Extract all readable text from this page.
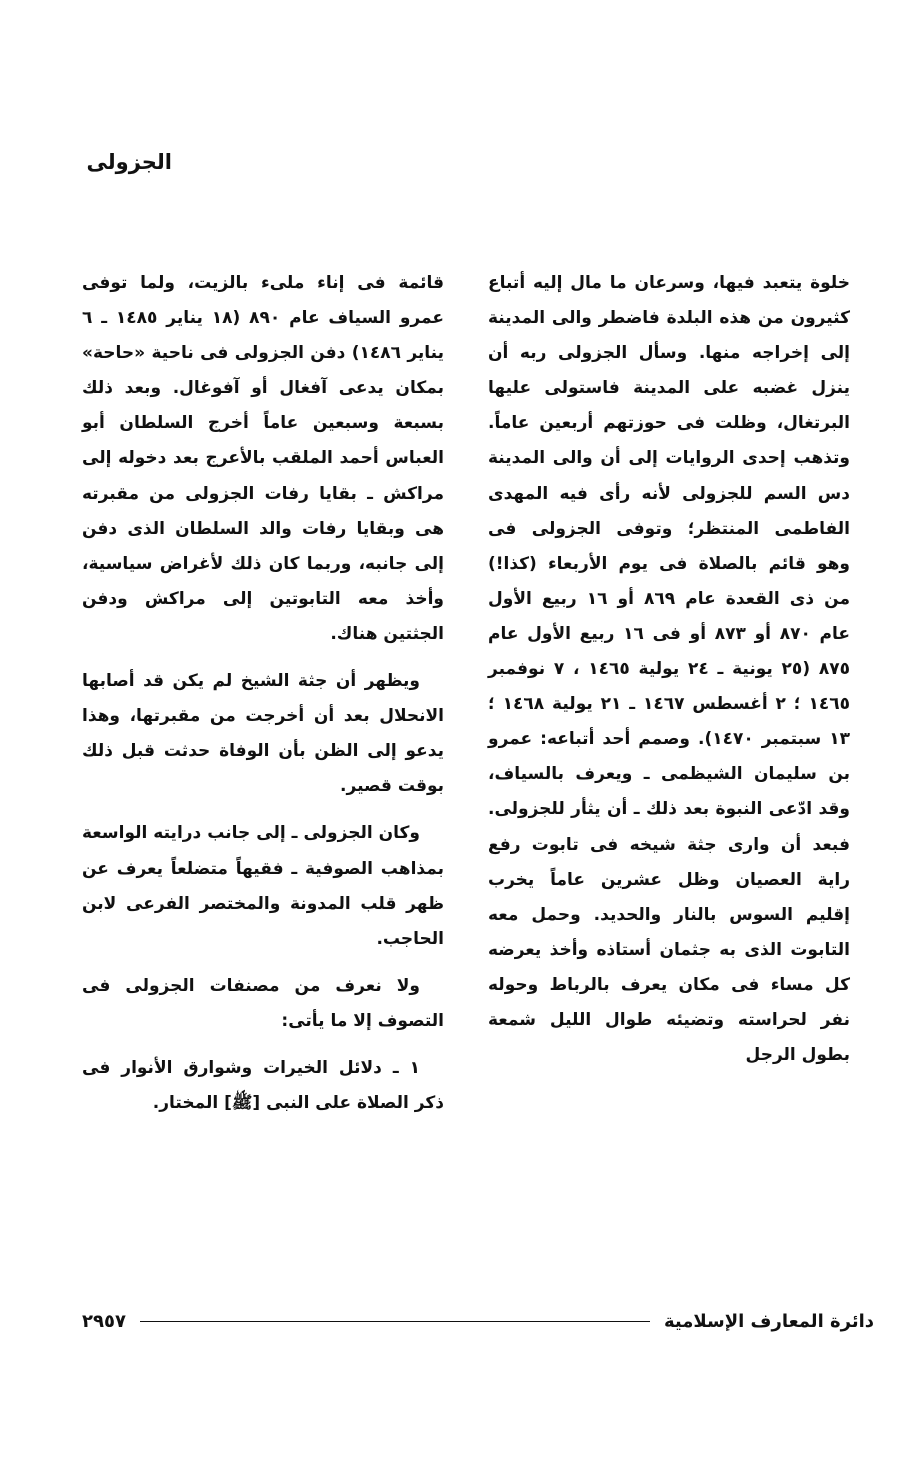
الجزولى

خلوة يتعبد فيها، وسرعان ما مال إليه أتباع كثيرون من هذه البلدة فاضطر والى المدينة إلى إخراجه منها. وسأل الجزولى ربه أن ينزل غضبه على المدينة فاستولى عليها البرتغال، وظلت فى حوزتهم أربعين عاماً. وتذهب إحدى الروايات إلى أن والى المدينة دس السم للجزولى لأنه رأى فيه المهدى الفاطمى المنتظر؛ وتوفى الجزولى فى وهو قائم بالصلاة فى يوم الأربعاء (كذا!) من ذى القعدة عام ٨٦٩ أو ١٦ ربيع الأول عام ٨٧٠ أو ٨٧٣ أو فى ١٦ ربيع الأول عام ٨٧٥ (٢٥ يونية ـ ٢٤ يولية ١٤٦٥ ، ٧ نوفمبر ١٤٦٥ ؛ ٢ أغسطس ١٤٦٧ ـ ٢١ يولية ١٤٦٨ ؛ ١٣ سبتمبر ١٤٧٠). وصمم أحد أتباعه: عمرو بن سليمان الشيظمى ـ ويعرف بالسياف، وقد ادّعى النبوة بعد ذلك ـ أن يثأر للجزولى. فبعد أن وارى جثة شيخه فى تابوت رفع راية العصيان وظل عشرين عاماً يخرب إقليم السوس بالنار والحديد. وحمل معه التابوت الذى به جثمان أستاذه وأخذ يعرضه كل مساء فى مكان يعرف بالرباط وحوله نفر لحراسته وتضيئه طوال الليل شمعة بطول الرجل

قائمة فى إناء ملىء بالزيت، ولما توفى عمرو السياف عام ٨٩٠ (١٨ يناير ١٤٨٥ ـ ٦ يناير ١٤٨٦) دفن الجزولى فى ناحية «حاحة» بمكان يدعى آفغال أو آفوغال. وبعد ذلك بسبعة وسبعين عاماً أخرج السلطان أبو العباس أحمد الملقب بالأعرج بعد دخوله إلى مراكش ـ بقايا رفات الجزولى من مقبرته هى وبقايا رفات والد السلطان الذى دفن إلى جانبه، وربما كان ذلك لأغراض سياسية، وأخذ معه التابوتين إلى مراكش ودفن الجثتين هناك.

ويظهر أن جثة الشيخ لم يكن قد أصابها الانحلال بعد أن أخرجت من مقبرتها، وهذا يدعو إلى الظن بأن الوفاة حدثت قبل ذلك بوقت قصير.

وكان الجزولى ـ إلى جانب درايته الواسعة بمذاهب الصوفية ـ فقيهاً متضلعاً يعرف عن ظهر قلب المدونة والمختصر الفرعى لابن الحاجب.

ولا نعرف من مصنفات الجزولى فى التصوف إلا ما يأتى:

١ ـ دلائل الخيرات وشوارق الأنوار فى ذكر الصلاة على النبى [ﷺ] المختار.

دائرة المعارف الإسلامية
٢٩٥٧
